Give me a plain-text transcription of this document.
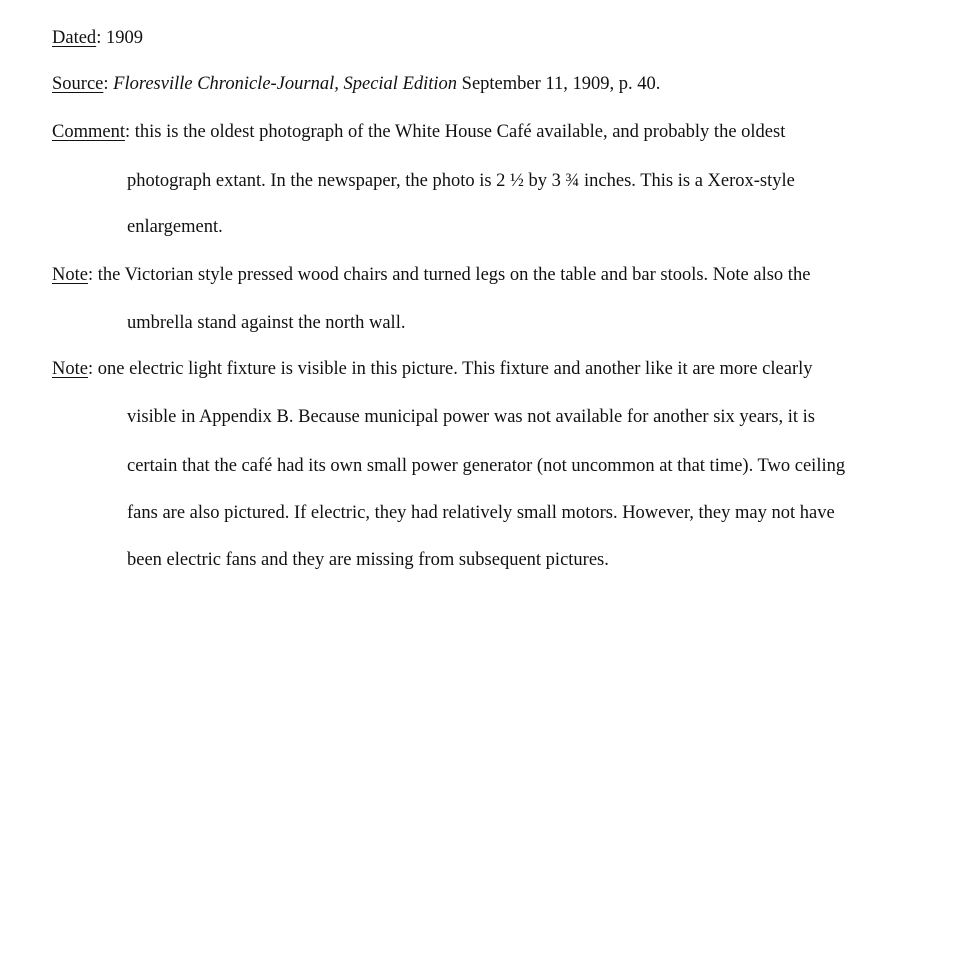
Dated: 1909
Source: Floresville Chronicle-Journal, Special Edition September 11, 1909, p. 40.
Comment: this is the oldest photograph of the White House Café available, and probably the oldest
photograph extant. In the newspaper, the photo is 2 ½ by 3 ¾ inches. This is a Xerox-style
enlargement.
Note: the Victorian style pressed wood chairs and turned legs on the table and bar stools. Note also the
umbrella stand against the north wall.
Note: one electric light fixture is visible in this picture. This fixture and another like it are more clearly
visible in Appendix B. Because municipal power was not available for another six years, it is
certain that the café had its own small power generator (not uncommon at that time). Two ceiling
fans are also pictured. If electric, they had relatively small motors. However, they may not have
been electric fans and they are missing from subsequent pictures.
